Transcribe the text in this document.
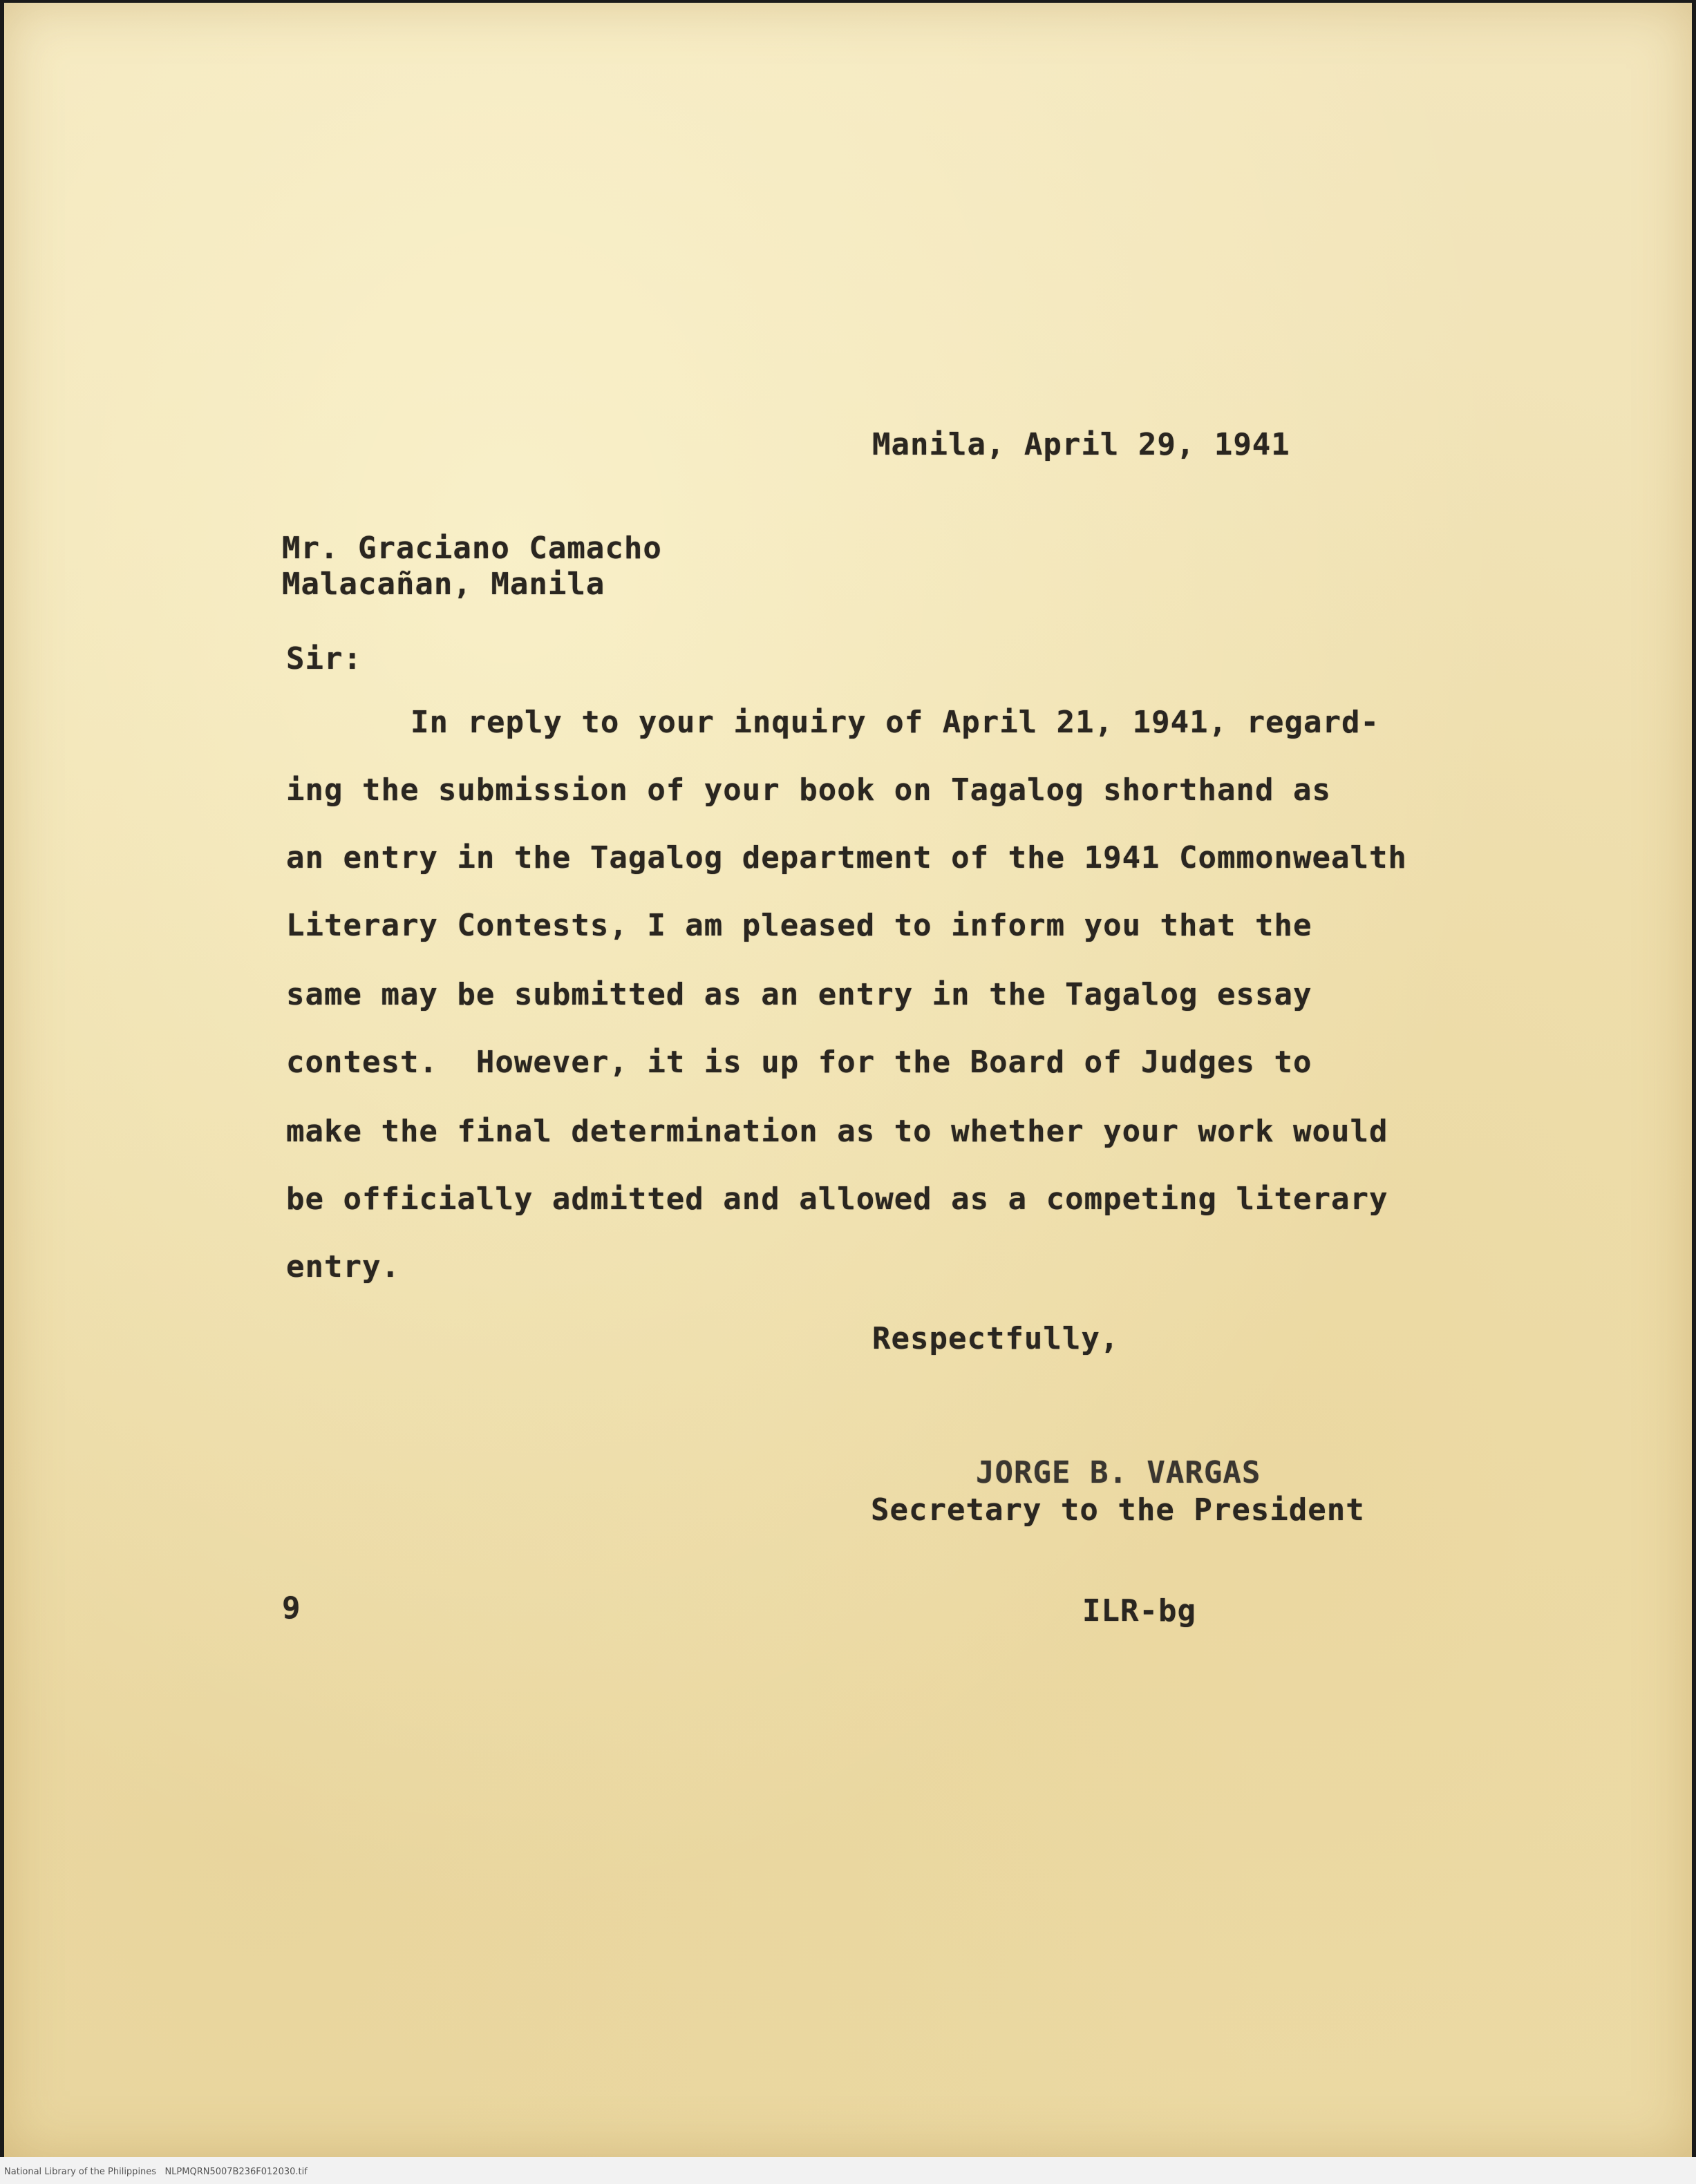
Manila, April 29, 1941
Mr. Graciano Camacho
Malacañan, Manila
Sir:
In reply to your inquiry of April 21, 1941, regard-
ing the submission of your book on Tagalog shorthand as
an entry in the Tagalog department of the 1941 Commonwealth
Literary Contests, I am pleased to inform you that the
same may be submitted as an entry in the Tagalog essay
contest.  However, it is up for the Board of Judges to
make the final determination as to whether your work would
be officially admitted and allowed as a competing literary
entry.
Respectfully,
JORGE B. VARGAS
Secretary to the President
9	ILR-bg
National Library of the Philippines   NLPMQRN5007B236F012030.tif
